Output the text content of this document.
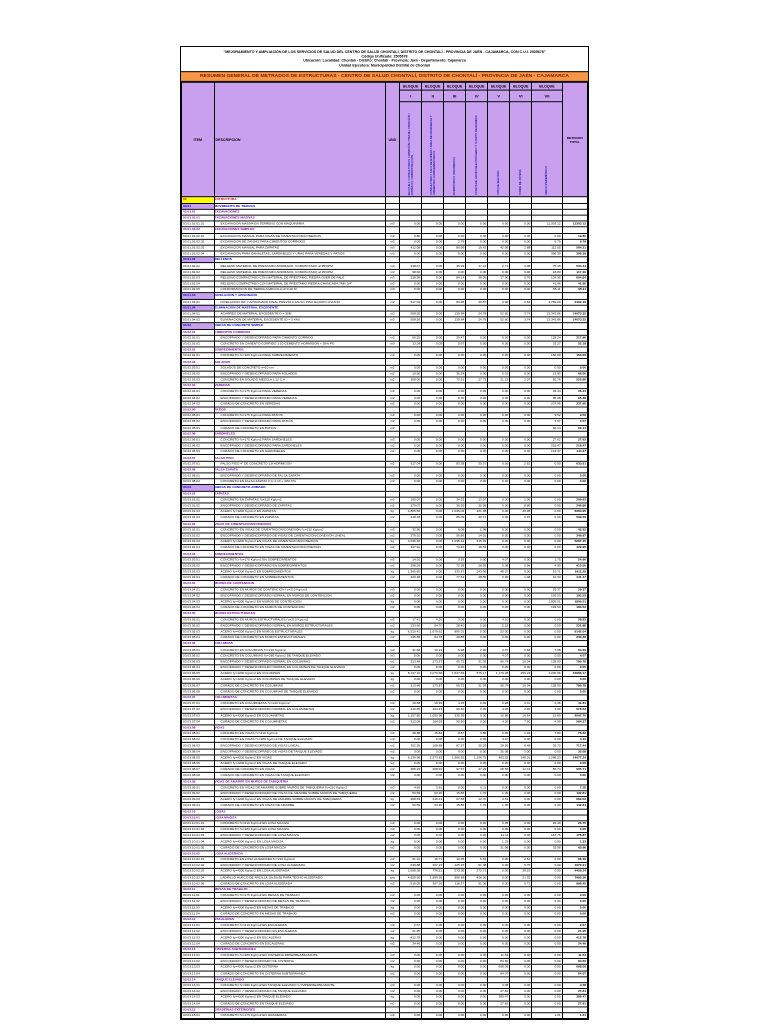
"MEJORAMIENTO Y AMPLIACIÓN DE LOS SERVICIOS DE SALUD DEL CENTRO DE SALUD CHONTALÍ, DISTRITO DE CHONTALÍ - PROVINCIA DE JAÉN - CAJAMARCA, CON C.U.I. 2505678"
Código Unificado: 2505678
Ubicación: Localidad: Chontalí - Distrito: Chontalí - Provincia: Jaén - Departamento: Cajamarca
Unidad Ejecutora: Municipalidad Distrital de Chontalí
RESUMEN GENERAL DE METRADOS DE ESTRUCTURAS - CENTRO DE SALUD CHONTALÍ, DISTRITO DE CHONTALÍ - PROVINCIA DE JAÉN - CAJAMARCA
ITEM	DESCRIPCION	UND	BLOQUE	BLOQUE	BLOQUE	BLOQUE	BLOQUE	BLOQUE	BLOQUE	METRADO TOTAL
			I	II	III	IV	V	VI	VII	
			BLOQUE I: CONSULTORIOS / ADMISIÓN / TRIAJE / ATENCIÓN / FARMACIA / ADMINISTRACIÓN	CONSULTORIO / SALA DE ESPERA / ÁREA DE MANIOBRAS Y AMBIENTES COMPLEMENTARIOS	DORMITORIOS / RESIDENCIA	CASETA DE GRUPO ELECTRÓGENO Y CUARTO DE BOMBAS	TANQUE ELEVADO	TORRE DE ANTENA	CERCO PERIMÉTRICO	
03	ESTRUCTURA									
03.01	MOVIMIENTO DE TIERRAS									
03.01.01	EXCAVACIONES									
03.01.01.01	EXCAVACIONES MASIVAS									
03.01.01.01.01	EXCAVACION MASIVA EN TERRENO CON MAQUINARIA	m3	0.00	0.00	0.00	0.00	0.00	0.00	11,303.12	11303.12
03.01.01.02	EXCAVACIONES SIMPLES									
03.01.01.02.01	EXCAVACION MANUAL PARA VIGAS DE CIMENTACION/CONEXION	m3	9.80	0.00	0.00	0.00	0.00	0.00	0.00	19.80
03.01.01.02.02	EXCAVACION DE ZANJAS PARA CIMIENTOS CORRIDOS	m3	0.00	0.00	2.79	0.00	0.00	0.00	6.75	9.79
03.01.01.02.03	EXCAVACION MANUAL PARA ZAPATAS	m3	412.08	0.00	86.99	19.42	42.06	2.88	112.65	584.21
03.01.01.02.04	EXCAVACION PARA CANALETAS, SARDINELES Y UÑAS PARA VEREDAS Y PATIOS	m3	0.00	0.00	0.00	0.00	0.00	0.00	396.39	396.39
03.01.02	RELLENOS									
03.01.02.01	RELLENO MATERIAL DE PRESTAMO AFIRMADO, COMPACTADO al 95%PM	m3	248.67	0.00	36.99	17.24	2.71	2.08	75.16	534.44
03.01.02.02	RELLENO MATERIAL DE PRESTAMO AFIRMADO, COMPACTADO al 95%PM	m3	98.66	0.00	0.00	0.00	0.00	0.00	18.83	117.49
03.01.02.03	RELLENO COMPACTADO CON MATERIAL DE PRESTAMO, PIEDRA OVER DE FALE	m3	218.99	0.00	84.14	38.09	17.90	0.76	134.96	604.84
03.01.02.04	RELLENO COMPACTADO CON MATERIAL DE PRESTAMO PIEDRA CHANCADA TMN 3/4"	m3	0.00	0.00	0.00	0.00	0.00	0.00	41.96	41.96
03.01.02.05	CONFORMACION DE TIERRA AGRICOLA H=0.20 M	m3	0.00	0.00	0.00	0.00	0.00	0.00	95.11	95.11
03.01.03	NIVELACION Y APISONADO									
03.01.03.01	NIVELACION INT Y APISONADO FINAL PREVIO A FALSO PISO EQUIPO LIVIANO	m2	517.04	0.00	83.38	30.57	0.00	2.62	1,769.29	2402.40
03.01.04	ELIMINACION DE MATERIAL EXCEDENTE									
03.01.04.01	ACARREO DE MATERIAL EXCEDENTE D = 30M	m3	508.50	0.00	139.84	24.78	52.60	3.74	13,343.86	14073.32
03.01.04.02	ELIMINACION DE MATERIAL EXCEDENTE (D = 5 KM)	m3	508.50	0.00	139.84	24.78	52.60	3.74	13,343.86	14073.32
03.02	OBRAS DE CONCRETO SIMPLE									
03.02.01	CIMIENTOS CORRIDOS									
03.02.01.01	ENCOFRADO Y DESENCOFRADO PARA CIMIENTO CORRIDO	m2	60.25	0.00	29.47	0.00	0.00	0.00	128.24	217.96
03.02.01.02	CONCRETO EN CIMIENTO CORRIDO 1:10 CEMENTO HORMIGON + 30% PG	m3	13.24	0.00	5.67	0.00	0.00	0.00	33.27	52.18
03.02.02	SOBRECIMIENTOS									
03.02.02.01	CONCRETO f'c=100 Kg/cm2 PARA SOBRECIMIENTO	m3	0.00	0.00	0.00	0.00	0.00	0.00	150.00	150.00
03.02.03	SOLADOS									
03.02.03.01	SOLADOS DE CONCRETO e=10 cm	m2	0.00	0.00	0.00	0.00	0.00	0.00	0.00	0.00
03.02.03.02	ENCOFRADO Y DESENCOFRADO PARA SOLADOS	m2	10.50	0.00	36.24	0.00	5.31	0.00	13.95	66.00
03.02.03.03	CONCRETO EN SOLADO MEZCLA 1:12 C:H	m2	308.06	0.00	73.91	27.73	21.13	2.07	92.76	525.66
03.02.04	VEREDAS									
03.02.04.01	CONCRETO f'c=175 Kg/cm2 PARA VEREDAS	m3	0.00	0.00	0.00	0.00	0.00	0.00	36.34	36.34
03.02.04.02	ENCOFRADO Y DESENCOFRADO PARA VEREDAS	m2	0.00	0.00	0.00	0.00	0.00	0.00	95.38	95.38
03.02.04.03	CURADO DE CONCRETO EN VEREDAS	m2	0.00	0.00	0.00	0.00	0.00	0.00	237.95	237.95
03.02.05	PATIOS									
03.02.05.01	CONCRETO f'c=175 Kg/cm2 PARA PATIOS	m3	0.00	0.00	0.00	0.00	0.00	0.00	9.52	9.52
03.02.05.02	ENCOFRADO Y DESENCOFRADO PARA PATIOS	m2	0.00	0.00	0.00	0.00	0.00	0.00	3.57	3.57
03.02.05.03	CURADO DE CONCRETO EN PATIOS	m2							60.14	60.14
03.02.06	SARDINELES									
03.02.06.01	CONCRETO f'c=175 Kg/cm2 PARA SARDINELES	m3	0.00	0.00	0.00	0.00	0.00	0.00	27.62	27.62
03.02.06.02	ENCOFRADO Y DESENCOFRADO PARA SARDINELES	m2	0.00	0.00	0.00	0.00	0.00	0.00	218.47	218.47
03.02.06.03	CURADO DE CONCRETO EN SARDINELES	m2	0.00	0.00	0.00	0.00	0.00	0.00	144.37	144.37
03.02.07	FALSO PISO									
03.02.07.01	FALSO PISO 4" DE CONCRETO 1:8 HORMIGON	m2	517.04	0.00	83.38	30.57	0.00	2.62	0.00	633.61
03.02.08	FALSA ZAPATA									
03.02.08.01	ENCOFRADO Y DESENCOFRADO DE FALSA ZAPATA	m2	0.00	0.00	0.00	0.00	0.00	0.00	0.00	0.00
03.02.08.02	CONCRETO EN FALSA ZAPATA C:H 1:10 + 30% PG	m3	0.00	0.00	0.00	0.00	0.00	0.00	0.00	0.00
03.03	OBRAS DE CONCRETO ARMADO									
03.03.01	ZAPATAS									
03.03.01.01	CONCRETO EN ZAPATAS f'c=210 Kg/cm2	m3	160.07	0.00	34.53	13.97	0.00	1.06	0.00	209.63
03.03.01.02	ENCOFRADO Y DESENCOFRADO DE ZAPATAS	m2	170.07	0.00	36.95	30.95	0.00	8.89	0.00	246.86
03.03.01.03	ACERO fy=4200 Kg/cm2 EN ZAPATAS	kg	4,865.56	0.00	1,045.06	421.38	0.00	28.95	0.00	6360.95
03.03.01.04	CURADO DE CONCRETO EN ZAPATAS	m2	418.18	0.00	85.09	30.17	0.00	6.15	0.00	539.59
03.03.02	VIGAS DE CIMENTACION/CONEXION									
03.03.02.01	CONCRETO EN VIGAS DE CIMENTACION/CONEXION f'c=210 Kg/cm2	m3	32.86	0.00	8.08	1.98	0.00	0.00	0.00	42.92
03.03.02.02	ENCOFRADO Y DESENCOFRADO DE VIGAS DE CIMENTACION/CONEXION LINEAL	m2	279.10	0.00	56.86	14.01	0.00	0.00	0.00	349.97
03.03.02.03	ACERO fy=4200 Kg/cm2 EN VIGAS DE CIMENTACION/CONEXION	kg	4,036.40	0.00	1,035.12	215.93	0.00	0.00	0.00	5287.45
03.03.02.04	CURADO DE CONCRETO EN VIGAS DE CIMENTACION/CONEXION	m2	337.91	0.00	73.46	18.59	0.00	0.00	0.00	429.96
03.03.03	SOBRECIMIENTOS									
03.03.03.01	CONCRETO f'c=175 Kg/cm2 EN SOBRECIMIENTOS	m3	14.91	0.00	3.93	0.00	4.07	0.00	1.75	24.66
03.03.03.02	ENCOFRADO Y DESENCOFRADO EN SOBRECIMIENTOS	m2	298.26	0.00	72.38	28.55	5.38	0.94	4.99	410.50
03.03.03.03	ACERO fy=4200 Kg/cm2 EN SOBRECIMIENTOS	kg	1,365.85	0.00	333.67	143.99	48.07	0.00	19.71	1911.29
03.03.03.04	CURADO DE CONCRETO EN SOBRECIMIENTOS	m2	323.48	0.00	77.63	28.55	0.00	1.48	10.33	441.47
03.03.04	MUROS DE CONTENCION									
03.03.04.01	CONCRETO EN MUROS DE CONTENCION f'c=210 Kg/cm2	m3	0.00	0.00	0.00	0.00	0.00	0.00	29.37	29.37
03.03.04.02	ENCOFRADO Y DESENCOFRADO NORMAL EN MUROS DE CONTENCION	m2	0.00	0.00	0.00	0.00	0.00	0.00	193.53	193.53
03.03.04.03	ACERO fy=4200 Kg/cm2 EN MUROS DE CONTENCION	kg	0.00	0.00	0.00	0.00	0.00	0.00	1,809.51	1809.51
03.03.04.04	CURADO DE CONCRETO EN MUROS DE CONTENCION	m2	0.00	0.00	0.00	0.00	0.00	0.00	193.53	193.53
03.03.05	MUROS ESTRUCTURALES									
03.03.05.01	CONCRETO EN MUROS ESTRUCTURALES f'c=210 Kg/cm2	m3	17.41	4.26	3.06	0.00	4.10	0.00	0.00	28.83
03.03.05.02	ENCOFRADO Y DESENCOFRADO NORMAL EN MUROS ESTRUCTURALES	m2	133.60	64.70	28.40	0.00	5.18	0.00	0.00	231.88
03.03.05.03	ACERO fy=4200 Kg/cm2 EN MUROS ESTRUCTURALES	kg	6,510.41	1,679.62	899.01	0.00	53.00	0.00	0.00	9142.04
03.03.05.04	CURADO DE CONCRETO EN MUROS ESTRUCTURALES	m2	135.85	64.78	29.85	0.00	0.00	0.00	0.00	230.48
03.03.06	COLUMNAS									
03.03.06.01	CONCRETO EN COLUMNAS f'c=210 Kg/cm2	m3	31.68	10.23	6.98	2.90	4.07	0.66	7.68	64.20
03.03.06.02	CONCRETO EN COLUMNAS f'c=280 Kg/cm2 DE TANQUE ELEVADO	m3	0.00	0.00	0.00	0.00	4.07	0.00	0.00	4.07
03.03.06.03	ENCOFRADO Y DESENCOFRADO NORMAL EN COLUMNAS	m2	313.48	173.87	65.72	31.93	66.74	10.04	128.00	789.78
03.03.06.04	ENCOFRADO Y DESENCOFRADO NORMAL EN COLUMNAS DE TANQUE ELEVADO	m2	0.00	0.00	0.00	0.00	0.00	0.00	0.00	0.00
03.03.06.05	ACERO fy=4200 Kg/cm2 EN COLUMNAS	kg	8,137.10	3,070.68	1,537.65	575.17	1,179.38	259.23	1,206.96	15966.17
03.03.06.06	ACERO fy=4200 Kg/cm2 EN COLUMNAS DE TANQUE ELEVADO	kg	0.00	0.00	0.00	0.00	0.00	0.00	0.00	0.00
03.03.06.07	CURADO DE CONCRETO EN COLUMNAS	m2	313.48	173.87	65.72	31.93	66.74	10.04	128.00	789.78
03.03.06.08	CURADO DE CONCRETO EN COLUMNAS DE TANQUE ELEVADO	m2	0.00	0.00	0.00	0.00	0.00	0.00	0.00	0.00
03.03.07	COLUMNETAS									
03.03.07.01	CONCRETO EN COLUMNETAS f'c=210 Kg/cm2	m3	19.58	16.93	4.25	0.00	0.28	0.41	0.36	41.81
03.03.07.02	ENCOFRADO Y DESENCOFRADO NORMAL EN COLUMNETAS	m2	310.65	164.43	90.60	0.00	4.26	2.60	3.99	576.53
03.03.07.03	ACERO fy=4200 Kg/cm2 EN COLUMNETAS	kg	1,157.85	1,050.98	335.55	0.00	16.88	16.64	19.80	2597.70
03.03.07.04	CURADO DE CONCRETO EN COLUMNETAS	m2	312.09	164.93	90.60	0.00	4.26	7.50	4.99	584.37
03.03.08	VIGAS									
03.03.08.01	CONCRETO EN VIGAS f'c=210 Kg/cm2	m3	38.88	15.84	8.87	3.86	0.00	1.34	7.83	76.62
03.03.08.02	CONCRETO EN VIGAS f'c=280 Kg/cm2 DE TANQUE ELEVADO	m3	0.00	0.00	0.00	0.00	4.10	0.00	0.00	4.10
03.03.08.03	ENCOFRADO Y DESENCOFRADO DE VIGAS LINEAL	m2	352.95	168.88	87.57	35.29	28.55	8.48	35.72	717.44
03.03.08.04	ENCOFRADO Y DESENCOFRADO DE VIGAS DE TANQUE ELEVADO	m2	0.00	0.00	0.00	0.00	35.08	0.00	0.00	35.08
03.03.08.05	ACERO fy=4200 Kg/cm2 EN VIGAS	kg	6,139.98	2,973.83	1,906.92	1,136.75	483.52	148.01	1,288.23	14077.24
03.03.08.06	ACERO fy=4200 Kg/cm2 EN VIGAS DE TANQUE ELEVADO	kg	0.00	0.00	0.00	0.00	0.00	0.00	0.00	0.00
03.03.08.07	CURADO DE CONCRETO EN VIGAS	m2	465.23	208.92	97.57	37.29	28.55	12.41	55.74	905.71
03.03.08.08	CURADO DE CONCRETO EN VIGAS DE TANQUE ELEVADO	m2	0.00	0.00	0.00	0.00	0.00	0.00	0.00	0.00
03.03.09	VIGAS DE AMARRE EN MUROS DE TABIQUERIA									
03.03.09.01	CONCRETO EN VIGAS DE AMARRE SOBRE MUROS DE TABIQUERIA f'c=210 Kg/cm2	m3	4.66	2.81	0.00	0.11	0.00	0.00	0.00	7.58
03.03.09.02	ENCOFRADO Y DESENCOFRADO DE VIGAS DE AMARRE SOBRE MUROS DE TABIQUERIA	m2	50.59	63.30	15.86	1.76	1.30	0.00	0.00	132.81
03.03.09.03	ACERO fy=4200 Kg/cm2 EN VIGAS DE AMARRE SOBRE MUROS DE TABIQUERIA	kg	368.53	216.21	67.58	12.70	4.51	0.00	0.00	669.53
03.03.09.04	CURADO DE CONCRETO EN VIGAS DE AMARRE	m2	50.59	63.30	15.86	1.76	1.30	0.00	0.00	132.81
03.03.10	LOSAS									
03.03.10.01	LOSA MACIZA									
03.03.10.01.01	CONCRETO f'c=210 Kg/cm2 EN LOSA MACIZA	m3	0.00	0.00	0.00	0.00	3.35	0.00	20.40	23.75
03.03.10.01.02	CONCRETO f'c=280 Kg/cm2 EN LOSA MACIZA	m3	0.00	0.00	0.00	0.00	0.00	0.00	0.00	0.00
03.03.10.01.03	ENCOFRADO Y DESENCOFRADO DE LOSA MACIZA	m2	0.00	0.00	0.00	0.00	11.11	0.00	167.76	178.87
03.03.10.01.04	ACERO fy=4200 Kg/cm2 EN LOSA MACIZA	kg	0.00	0.00	0.00	0.00	1.33	0.00	0.00	1.33
03.03.10.01.05	CURADO DE CONCRETO EN LOSA MACIZA	m2	0.00	0.00	0.00	0.00	31.98	0.00	33.98	65.96
03.03.10.02	LOSA ALIGERADA									
03.03.10.02.01	CONCRETO EN LOSA ALIGERADA f'c=210 Kg/cm2	m3	51.31	16.71	10.05	5.81	0.00	2.51	0.00	86.39
03.03.10.02.02	ENCOFRADO Y DESENCOFRADO DE LOSA ALIGERADA	m2	639.88	207.23	125.97	91.38	0.00	5.75	0.00	1070.21
03.03.10.02.03	ACERO fy=4200 Kg/cm2 EN LOSA ALIGERADA	kg	2,698.28	776.21	573.95	372.71	0.00	38.19	0.00	4459.34
03.03.10.02.04	LADRILLO HUECO DE ARCILLA 15x30x30 PARA TECHO ALIGERADO	pza	4,659.60	1,999.95	896.69	426.00	0.00	21.32	0.00	7983.56
03.03.10.02.05	CURADO DE CONCRETO EN LOSA ALIGERADA	m2	516.05	307.26	118.37	51.06	0.00	5.71	0.00	998.45
03.03.11	MESAS DE TRABAJO									
03.03.11.01	CONCRETO f'c=175 Kg/cm2 EN MESAS DE TRABAJO	m3	0.00	0.00	0.00	0.00	0.00	0.00	0.00	0.00
03.03.11.02	ENCOFRADO Y DESENCOFRADO DE MESAS DE TRABAJO	m2	0.00	0.00	0.00	0.00	0.00	0.00	0.00	0.00
03.03.11.03	ACERO fy=4200 Kg/cm2 EN MESAS DE TRABAJO	kg	0.00	0.00	0.00	0.00	0.00	0.00	0.00	0.00
03.03.11.04	CURADO DE CONCRETO EN MESAS DE TRABAJO	m2	0.00	0.00	0.00	0.00	0.00	0.00	0.00	0.00
03.03.12	ESCALERAS									
03.03.12.01	CONCRETO f'c=210 Kg/cm2 EN ESCALERAS	m3	2.67	0.00	0.00	0.00	0.00	0.00	0.00	2.67
03.03.12.02	ENCOFRADO Y DESENCOFRADO EN ESCALERAS	m2	21.95	0.00	0.00	0.00	0.00	0.00	0.00	21.95
03.03.12.03	ACERO fy=4200 Kg/cm2 EN ESCALERAS	kg	412.78	0.00	0.00	0.00	0.00	0.00	0.00	412.78
03.03.12.04	CURADO DE CONCRETO EN ESCALERAS	m2	34.46	0.00	0.00	0.00	0.00	0.00	0.00	34.46
03.03.13	CISTERNA SUBTERRANEA									
03.03.13.01	CONCRETO f'c=280 Kg/cm2 EN CISTERNA IMPERMEABILIZANTE	m3	0.00	0.00	0.00	0.00	11.63	0.00	0.00	11.63
03.03.13.02	ENCOFRADO Y DESENCOFRADO DE CISTERNA	m2	0.00	0.00	0.00	0.00	84.60	0.00	0.00	84.60
03.03.13.03	ACERO fy=4200 Kg/cm2 EN CISTERNA	kg	0.00	0.00	0.00	0.00	698.09	0.00	0.00	698.09
03.03.13.04	CURADO DE CONCRETO EN CISTERNA SUBTERRANEA	m2	0.00	0.00	0.00	0.00	84.07	0.00	0.00	84.07
03.03.14	TANQUE ELEVADO									
03.03.14.01	CONCRETO f'c=280 Kg/cm2 EN TANQUE ELEVADO C/ IMPERMEABILIZANTE	m3	0.00	0.00	0.00	0.00	4.08	0.00	0.00	4.08
03.03.14.02	ENCOFRADO Y DESENCOFRADO DE TANQUE ELEVADO	m2	0.00	0.00	0.00	0.00	27.81	0.00	0.00	27.81
03.03.14.03	ACERO fy=4200 Kg/cm2 EN TANQUE ELEVADO	kg	0.00	0.00	0.00	0.00	389.47	0.00	0.00	389.47
03.03.14.04	CURADO DE CONCRETO EN TANQUE ELEVADO	m2	0.00	0.00	0.00	0.00	27.81	0.00	0.00	27.81
03.03.15	GRADERIAS EXTERIORES									
03.03.15.01	CONCRETO f'c=175 Kg/cm2 EN GRADERIAS	m3	0.00	0.00	0.00	0.00	0.00	0.00	1.21	1.21
